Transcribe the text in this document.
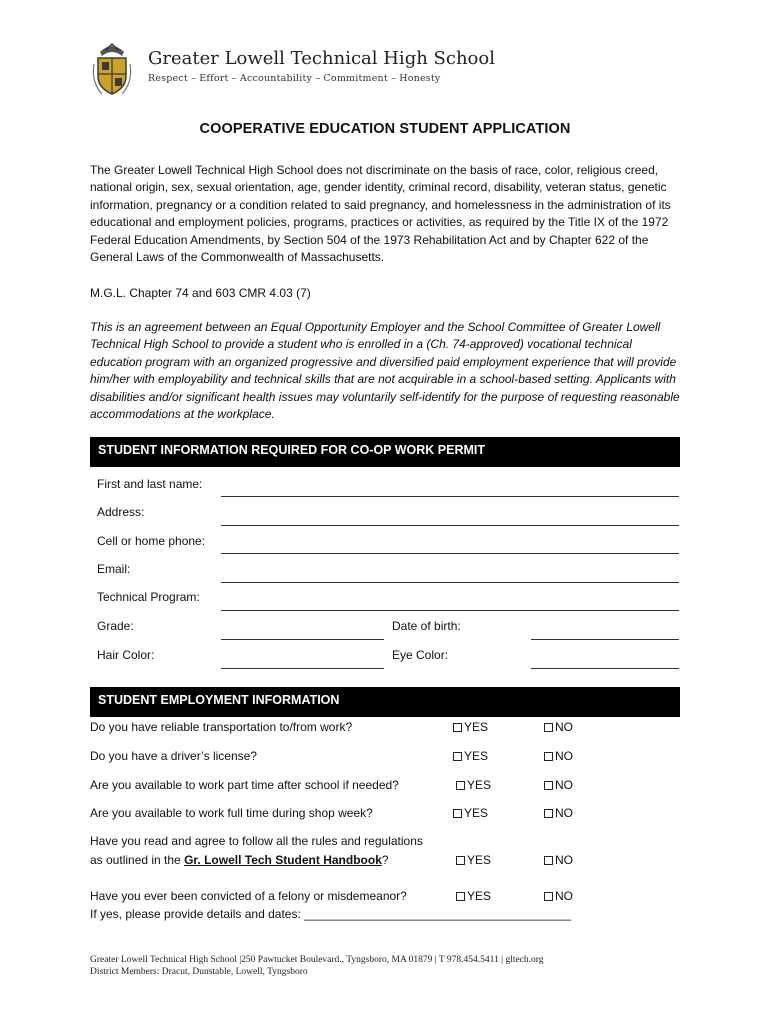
Greater Lowell Technical High School
Respect – Effort – Accountability – Commitment – Honesty
COOPERATIVE EDUCATION STUDENT APPLICATION
The Greater Lowell Technical High School does not discriminate on the basis of race, color, religious creed, national origin, sex, sexual orientation, age, gender identity, criminal record, disability, veteran status, genetic information, pregnancy or a condition related to said pregnancy, and homelessness in the administration of its educational and employment policies, programs, practices or activities, as required by the Title IX of the 1972 Federal Education Amendments, by Section 504 of the 1973 Rehabilitation Act and by Chapter 622 of the General Laws of the Commonwealth of Massachusetts.
M.G.L. Chapter 74 and 603 CMR 4.03 (7)
This is an agreement between an Equal Opportunity Employer and the School Committee of Greater Lowell Technical High School to provide a student who is enrolled in a (Ch. 74-approved) vocational technical education program with an organized progressive and diversified paid employment experience that will provide him/her with employability and technical skills that are not acquirable in a school-based setting. Applicants with disabilities and/or significant health issues may voluntarily self-identify for the purpose of requesting reasonable accommodations at the workplace.
STUDENT INFORMATION REQUIRED FOR CO-OP WORK PERMIT
First and last name:
Address:
Cell or home phone:
Email:
Technical Program:
Grade:	Date of birth:
Hair Color:	Eye Color:
STUDENT EMPLOYMENT INFORMATION
Do you have reliable transportation to/from work?	YES	NO
Do you have a driver’s license?	YES	NO
Are you available to work part time after school if needed?	YES	NO
Are you available to work full time during shop week?	YES	NO
Have you read and agree to follow all the rules and regulations
as outlined in the Gr. Lowell Tech Student Handbook?	YES	NO
Have you ever been convicted of a felony or misdemeanor?	YES	NO
If yes, please provide details and dates: ________________________________________
Greater Lowell Technical High School |250 Pawtucket Boulevard., Tyngsboro, MA 01879 | T 978.454.5411 | gltech.org
District Members: Dracut, Dunstable, Lowell, Tyngsboro
